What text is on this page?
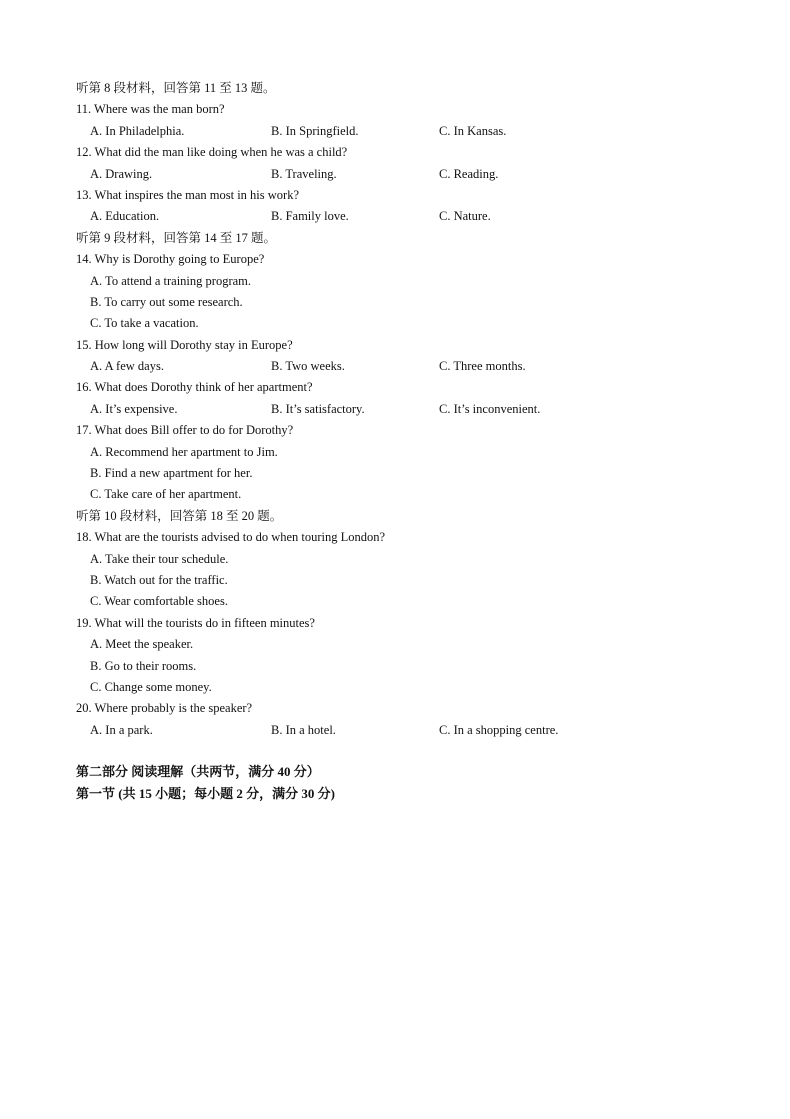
听第 8 段材料，回答第 11 至 13 题。
11. Where was the man born?
A. In Philadelphia.	B. In Springfield.	C. In Kansas.
12. What did the man like doing when he was a child?
A. Drawing.	B. Traveling.	C. Reading.
13. What inspires the man most in his work?
A. Education.	B. Family love.	C. Nature.
听第 9 段材料，回答第 14 至 17 题。
14. Why is Dorothy going to Europe?
A. To attend a training program.
B. To carry out some research.
C. To take a vacation.
15. How long will Dorothy stay in Europe?
A. A few days.	B. Two weeks.	C. Three months.
16. What does Dorothy think of her apartment?
A. It’s expensive.	B. It’s satisfactory.	C. It’s inconvenient.
17. What does Bill offer to do for Dorothy?
A. Recommend her apartment to Jim.
B. Find a new apartment for her.
C. Take care of her apartment.
听第 10 段材料，回答第 18 至 20 题。
18. What are the tourists advised to do when touring London?
A. Take their tour schedule.
B. Watch out for the traffic.
C. Wear comfortable shoes.
19. What will the tourists do in fifteen minutes?
A. Meet the speaker.
B. Go to their rooms.
C. Change some money.
20. Where probably is the speaker?
A. In a park.	B. In a hotel.	C. In a shopping centre.
第二部分 阅读理解（共两节，满分 40 分）
第一节 (共 15 小题；每小题 2 分，满分 30 分)
